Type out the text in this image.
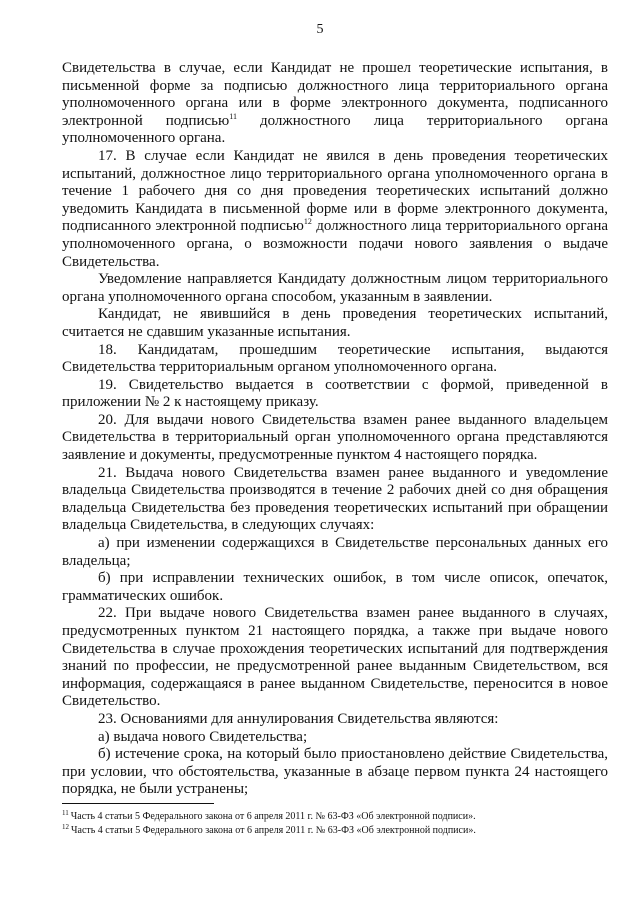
5

Свидетельства в случае, если Кандидат не прошел теоретические испытания, в письменной форме за подписью должностного лица территориального органа уполномоченного органа или в форме электронного документа, подписанного электронной подписью$^{11}$ должностного лица территориального органа уполномоченного органа.

17. В случае если Кандидат не явился в день проведения теоретических испытаний, должностное лицо территориального органа уполномоченного органа в течение 1 рабочего дня со дня проведения теоретических испытаний должно уведомить Кандидата в письменной форме или в форме электронного документа, подписанного электронной подписью$^{12}$ должностного лица территориального органа уполномоченного органа, о возможности подачи нового заявления о выдаче Свидетельства.

Уведомление направляется Кандидату должностным лицом территориального органа уполномоченного органа способом, указанным в заявлении.

Кандидат, не явившийся в день проведения теоретических испытаний, считается не сдавшим указанные испытания.

18. Кандидатам, прошедшим теоретические испытания, выдаются Свидетельства территориальным органом уполномоченного органа.

19. Свидетельство выдается в соответствии с формой, приведенной в приложении № 2 к настоящему приказу.

20. Для выдачи нового Свидетельства взамен ранее выданного владельцем Свидетельства в территориальный орган уполномоченного органа представляются заявление и документы, предусмотренные пунктом 4 настоящего порядка.

21. Выдача нового Свидетельства взамен ранее выданного и уведомление владельца Свидетельства производятся в течение 2 рабочих дней со дня обращения владельца Свидетельства без проведения теоретических испытаний при обращении владельца Свидетельства, в следующих случаях:

а) при изменении содержащихся в Свидетельстве персональных данных его владельца;

б) при исправлении технических ошибок, в том числе описок, опечаток, грамматических ошибок.

22. При выдаче нового Свидетельства взамен ранее выданного в случаях, предусмотренных пунктом 21 настоящего порядка, а также при выдаче нового Свидетельства в случае прохождения теоретических испытаний для подтверждения знаний по профессии, не предусмотренной ранее выданным Свидетельством, вся информация, содержащаяся в ранее выданном Свидетельстве, переносится в новое Свидетельство.

23. Основаниями для аннулирования Свидетельства являются:

а) выдача нового Свидетельства;

б) истечение срока, на который было приостановлено действие Свидетельства, при условии, что обстоятельства, указанные в абзаце первом пункта 24 настоящего порядка, не были устранены;

$^{11}$ Часть 4 статьи 5 Федерального закона от 6 апреля 2011 г. № 63-ФЗ «Об электронной подписи».

$^{12}$ Часть 4 статьи 5 Федерального закона от 6 апреля 2011 г. № 63-ФЗ «Об электронной подписи».
